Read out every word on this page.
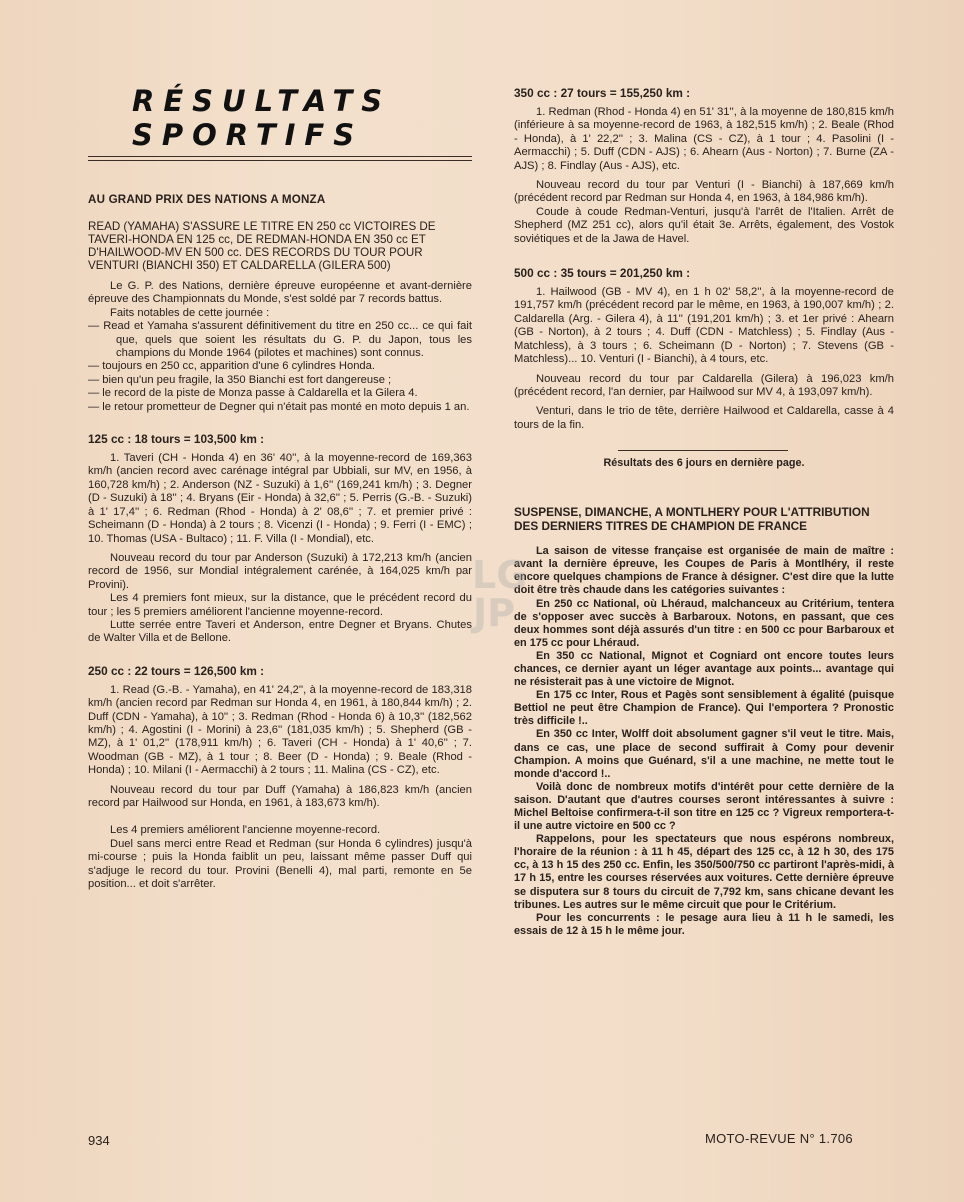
RÉSULTATS
SPORTIFS
AU GRAND PRIX DES NATIONS A MONZA

READ (YAMAHA) S'ASSURE LE TITRE EN 250 cc VICTOIRES DE TAVERI-HONDA EN 125 cc, DE REDMAN-HONDA EN 350 cc ET D'HAILWOOD-MV EN 500 cc. DES RECORDS DU TOUR POUR VENTURI (BIANCHI 350) ET CALDARELLA (GILERA 500)

Le G. P. des Nations, dernière épreuve européenne et avant-dernière épreuve des Championnats du Monde, s'est soldé par 7 records battus.

Faits notables de cette journée :

— Read et Yamaha s'assurent définitivement du titre en 250 cc... ce qui fait que, quels que soient les résultats du G. P. du Japon, tous les champions du Monde 1964 (pilotes et machines) sont connus.

— toujours en 250 cc, apparition d'une 6 cylindres Honda.

— bien qu'un peu fragile, la 350 Bianchi est fort dangereuse ;

— le record de la piste de Monza passe à Caldarella et la Gilera 4.

— le retour prometteur de Degner qui n'était pas monté en moto depuis 1 an.

125 cc : 18 tours = 103,500 km :

1. Taveri (CH - Honda 4) en 36' 40'', à la moyenne-record de 169,363 km/h (ancien record avec carénage intégral par Ubbiali, sur MV, en 1956, à 160,728 km/h) ; 2. Anderson (NZ - Suzuki) à 1,6'' (169,241 km/h) ; 3. Degner (D - Suzuki) à 18'' ; 4. Bryans (Eir - Honda) à 32,6'' ; 5. Perris (G.-B. - Suzuki) à 1' 17,4'' ; 6. Redman (Rhod - Honda) à 2' 08,6'' ; 7. et premier privé : Scheimann (D - Honda) à 2 tours ; 8. Vicenzi (I - Honda) ; 9. Ferri (I - EMC) ; 10. Thomas (USA - Bultaco) ; 11. F. Villa (I - Mondial), etc.

Nouveau record du tour par Anderson (Suzuki) à 172,213 km/h (ancien record de 1956, sur Mondial intégralement carénée, à 164,025 km/h par Provini).

Les 4 premiers font mieux, sur la distance, que le précédent record du tour ; les 5 premiers améliorent l'ancienne moyenne-record.

Lutte serrée entre Taveri et Anderson, entre Degner et Bryans. Chutes de Walter Villa et de Bellone.

250 cc : 22 tours = 126,500 km :

1. Read (G.-B. - Yamaha), en 41' 24,2'', à la moyenne-record de 183,318 km/h (ancien record par Redman sur Honda 4, en 1961, à 180,844 km/h) ; 2. Duff (CDN - Yamaha), à 10'' ; 3. Redman (Rhod - Honda 6) à 10,3'' (182,562 km/h) ; 4. Agostini (I - Morini) à 23,6'' (181,035 km/h) ; 5. Shepherd (GB - MZ), à 1' 01,2'' (178,911 km/h) ; 6. Taveri (CH - Honda) à 1' 40,6'' ; 7. Woodman (GB - MZ), à 1 tour ; 8. Beer (D - Honda) ; 9. Beale (Rhod - Honda) ; 10. Milani (I - Aermacchi) à 2 tours ; 11. Malina (CS - CZ), etc.

Nouveau record du tour par Duff (Yamaha) à 186,823 km/h (ancien record par Hailwood sur Honda, en 1961, à 183,673 km/h).

Les 4 premiers améliorent l'ancienne moyenne-record.

Duel sans merci entre Read et Redman (sur Honda 6 cylindres) jusqu'à mi-course ; puis la Honda faiblit un peu, laissant même passer Duff qui s'adjuge le record du tour. Provini (Benelli 4), mal parti, remonte en 5e position... et doit s'arrêter.

350 cc : 27 tours = 155,250 km :

1. Redman (Rhod - Honda 4) en 51' 31'', à la moyenne de 180,815 km/h (inférieure à sa moyenne-record de 1963, à 182,515 km/h) ; 2. Beale (Rhod - Honda), à 1' 22,2'' ; 3. Malina (CS - CZ), à 1 tour ; 4. Pasolini (I - Aermacchi) ; 5. Duff (CDN - AJS) ; 6. Ahearn (Aus - Norton) ; 7. Burne (ZA - AJS) ; 8. Findlay (Aus - AJS), etc.

Nouveau record du tour par Venturi (I - Bianchi) à 187,669 km/h (précédent record par Redman sur Honda 4, en 1963, à 184,986 km/h).

Coude à coude Redman-Venturi, jusqu'à l'arrêt de l'Italien. Arrêt de Shepherd (MZ 251 cc), alors qu'il était 3e. Arrêts, également, des Vostok soviétiques et de la Jawa de Havel.

500 cc : 35 tours = 201,250 km :

1. Hailwood (GB - MV 4), en 1 h 02' 58,2'', à la moyenne-record de 191,757 km/h (précédent record par le même, en 1963, à 190,007 km/h) ; 2. Caldarella (Arg. - Gilera 4), à 11'' (191,201 km/h) ; 3. et 1er privé : Ahearn (GB - Norton), à 2 tours ; 4. Duff (CDN - Matchless) ; 5. Findlay (Aus - Matchless), à 3 tours ; 6. Scheimann (D - Norton) ; 7. Stevens (GB - Matchless)... 10. Venturi (I - Bianchi), à 4 tours, etc.

Nouveau record du tour par Caldarella (Gilera) à 196,023 km/h (précédent record, l'an dernier, par Hailwood sur MV 4, à 193,097 km/h).

Venturi, dans le trio de tête, derrière Hailwood et Caldarella, casse à 4 tours de la fin.

Résultats des 6 jours en dernière page.
SUSPENSE, DIMANCHE, A MONTLHERY POUR L'ATTRIBUTION DES DERNIERS TITRES DE CHAMPION DE FRANCE

La saison de vitesse française est organisée de main de maître : avant la dernière épreuve, les Coupes de Paris à Montlhéry, il reste encore quelques champions de France à désigner. C'est dire que la lutte doit être très chaude dans les catégories suivantes :

En 250 cc National, où Lhéraud, malchanceux au Critérium, tentera de s'opposer avec succès à Barbaroux. Notons, en passant, que ces deux hommes sont déjà assurés d'un titre : en 500 cc pour Barbaroux et en 175 cc pour Lhéraud.

En 350 cc National, Mignot et Cogniard ont encore toutes leurs chances, ce dernier ayant un léger avantage aux points... avantage qui ne résisterait pas à une victoire de Mignot.

En 175 cc Inter, Rous et Pagès sont sensiblement à égalité (puisque Bettiol ne peut être Champion de France). Qui l'emportera ? Pronostic très difficile !..

En 350 cc Inter, Wolff doit absolument gagner s'il veut le titre. Mais, dans ce cas, une place de second suffirait à Comy pour devenir Champion. A moins que Guénard, s'il a une machine, ne mette tout le monde d'accord !..

Voilà donc de nombreux motifs d'intérêt pour cette dernière de la saison. D'autant que d'autres courses seront intéressantes à suivre : Michel Beltoise confirmera-t-il son titre en 125 cc ? Vigreux remportera-t-il une autre victoire en 500 cc ?

Rappelons, pour les spectateurs que nous espérons nombreux, l'horaire de la réunion : à 11 h 45, départ des 125 cc, à 12 h 30, des 175 cc, à 13 h 15 des 250 cc. Enfin, les 350/500/750 cc partiront l'après-midi, à 17 h 15, entre les courses réservées aux voitures. Cette dernière épreuve se disputera sur 8 tours du circuit de 7,792 km, sans chicane devant les tribunes. Les autres sur le même circuit que pour le Critérium.

Pour les concurrents : le pesage aura lieu à 11 h le samedi, les essais de 12 à 15 h le même jour.

LG JP
934	MOTO-REVUE N° 1.706
